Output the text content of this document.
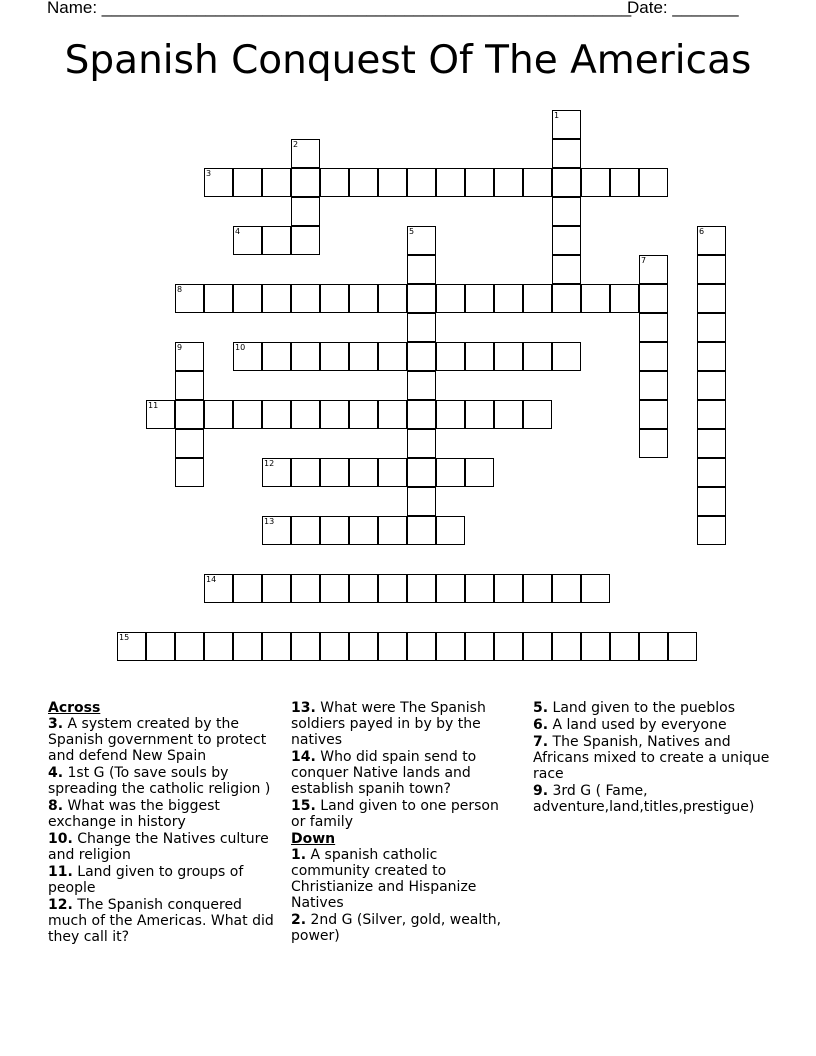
Name: ________________________________________________________
Date: _______
Spanish Conquest Of The Americas
1
2
3
4	5	6
7
8
9	10
11
12
13
14
15
Across
3. A system created by the Spanish government to protect and defend New Spain
4. 1st G (To save souls by spreading the catholic religion )
8. What was the biggest exchange in history
10. Change the Natives culture and religion
11. Land given to groups of people
12. The Spanish conquered much of the Americas. What did they call it?
13. What were The Spanish soldiers payed in by by the natives
14. Who did spain send to conquer Native lands and establish spanih town?
15. Land given to one person or family
Down
1. A spanish catholic community created to Christianize and Hispanize Natives
2. 2nd G (Silver, gold, wealth, power)
5. Land given to the pueblos
6. A land used by everyone
7. The Spanish, Natives and Africans mixed to create a unique race
9. 3rd G ( Fame, adventure,land,titles,prestigue)
